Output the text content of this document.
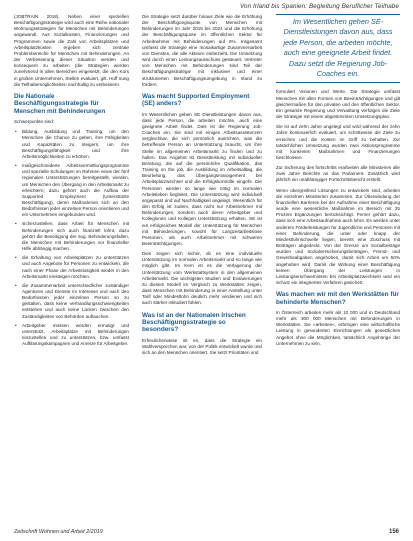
Von Irland bis Spanien: Begleitung Beruflicher Teilhabe

(JOBTRAIN 2018). Neben einer speziellen Beschäftigungsstrategie wird auch eine Reihe nationaler Wohnungsstrategien für Menschen mit Behinderungen angewandt. Aus Sozialkosten, Finanzierungen und Programmen sowie die Zahl von Arbeitsplätzen und Arbeitsplatzkosten ergeben sich zentrale Problembereiche für Menschen mit Behinderungen. An der Verbesserung dieser Situation werden und konsequent zu arbeiten (die Strategien werden zunehmend in allen Bereichen eingesetzt, die den Kurs in großen Unternehmen, Stellen evaluiert, gilt. Hoff nung die Teilhabemöglichkeiten nachhaltig zu verbessern.

Die Nationale Beschäftigungsstrategie für Menschen mit Behinderungen

Schwerpunkte sind:

• Bildung, Ausbildung und Training, um den Menschen die Chance zu geben, ihre Fähigkeiten und Kapazitäten zu steigern, um ihre Beschäftigungsfähigkeit und ihre Arbeitsmöglichkeiten zu erhöhen.
• maßgeschneiderte Arbeitsvermittlungsprogramme und spezielle Schulungen im Rahmen eines der fünf regionalen Unterstützungen bereitgestellt, werden, um Menschen den Übergang in den Arbeitsmarkt zu erleichtern; dazu gehört auch die Aufbau der Supported Employment (Unterstützte Beschäftigung), deren Maßnahmen sich an den Bedürfnissen jeder einzelnen Person orientieren und ein Unternehmen eingebunden wird.
• sicherzustellen, dass Arbeit für Menschen mit Behinderungen sich auch finanziell lohnt, dazu gehört die Beseitigung der sog. Behinderungsfallen, die Menschen mit Behinderungen vor finanzieller Hilfe abhängig machen.
• die Erhaltung von Arbeitsplätzen zu unterstützen und auch Angebote für Personen zu entwickeln, die nach einer Phase der Arbeitslosigkeit wieder in den Arbeitsmarkt einsteigen möchten.
• die Zusammenarbeit unterschiedlicher zuständiger Agenturen und Dienste im Interesse und nach den Bedürfnissen jeder einzelnen Person so zu gestalten, dass keine Verhandlungsschwierigkeiten entstehen und auch keine Lücken zwischen den Zuständigkeiten von Behörden auftauchen.
• Arbeitgeber müssen werden ermutigt und unterstützt, Arbeitsplätze mit Behinderungen einzustellen und zu unterstützen, bzw. umfasst Aufklärungskampagnen und Anreize für Arbeitgeber.

Die Strategie setzt darüber hinaus Ziele wie die Erhöhung der Beschäftigungsquote von Menschen mit Behinderungen im Jahr 2015 bis 2024 und die Erhöhung der Beschäftigungsquote im öffentlichen Sektor für Arbeitnehmer mit Behinderungen auf 6%. Insgesamt umfasst die Strategie eine mosaikartige Zusammenarbeit von Diensten, die alle Akteure einbezieht. Die Umsetzung wird durch einen Lenkungsausschuss gesteuert, Vertreter von Menschen mit Behinderungen sind Teil der Beschäftigungsstrategie mit inklusiver und einer strukturierten Beschäftigungsumgebung in Irland zu fördern.

Was macht Supported Employment (SE) anders?

Im Wesentlichen geben SE Dienstleistungen davon aus, dass jede Person, die arbeiten möchte, auch eine geeignete Arbeit findet. Dies ist die Regierung Job-Coaches ein. Sie sind mit einigen Arbeitsassistenzen vergleichbar, die sich persönlich ausrichten, was die betreffende Person an Unterstützung braucht, um ihre Stelle im allgemeinen Arbeitsmarkt zu finden und zu halten. Das Angebot ist Dienstleistung mit individueller Beratung, die auf die persönliche Qualifikation, das Training on the job, die Ausbildung im Arbeitsalltag, die Beurteilung, das Übergangsmanagement bei Arbeitsplatzwechsel und die Erfolgskontrolle eingeht. Die Personen werden so lange wie nötig im normalen Arbeitsleben begleitet. Die Unterstützung wird individuell angepasst und auf Nachhaltigkeit angelegt. Wesentlich für den Erfolg ist zudem, dass nicht nur Arbeitnehmer mit Behinderungen, sondern auch deren Arbeitgeber und Kolleginnen und Kollegen Unterstützung erhalten. SE ist ein erfolgreiches Modell der Unterstützung für Menschen mit Behinderungen, sowohl für Langzeitarbeitslose Personen, als auch Arbeitnehmer mit schweren Beeinträchtigungen.

Dies zeigen sich sicher, ob es eine individuelle Unterstützung im normalen Arbeitsmarkt und so lange wie möglich gibt. Im Kern ist es die Verlagerung der Unterstützung vom Werkstattsystem in den allgemeinen Arbeitsmarkt. Die wichtigsten Studien und Evaluierungen zu diesem Modell im Vergleich zu Werkstätten zeigen, dass Menschen mit Behinderung in einer Anstellung unter Tarif oder Mindestlohn deutlich mehr verdienen und sich auch stärker inkludiert fühlen.

Was ist an der Nationalen Irischen Beschäftigungsstrategie so besonders?

Erfreulicherweise ist es, dass die Strategie ein Wahlversprechen war, von der Politik entwickelt wurde und sich an den Menschen orientiert. Sie setzt Prioritäten und

Im Wesentlichen gehen SE-Dienstleistungen davon aus, dass jede Person, die arbeiten möchte, auch eine geeignete Arbeit findet. Dazu setzt die Regierung Job-Coaches ein.

formuliert Visionen und Werte. Die Strategie umfasst Menschen mit allen Formen von Beeinträchtigungen und gilt gleichermaßen für den privaten und den öffentlichen Sektor. Ein gesamte Regierung und Verwaltung verfolgen die Ziele der Strategie mit einem abgestimmten Umsetzungsplan.

Sie ist auf zehn Jahre angelegt und wird während der zehn Jahre kontinuierlich evaluiert, um schrittweise die Ziele zu erreichen und die Kosten im Griff zu behalten. Zur tatsächlichen Umsetzung wurden zwei Aktionsprogramme mit konkreten Maßnahmen und Finanzierungen beschlossen.

Zur Sicherung des fortschritts erarbeiten alle Ministerien alle zwei Jahre Berichte an das Parlament. Zusätzlich wird jährlich ein unabhängiger Fortschrittsbericht erstellt.

Wenn übergreifend Lösungen zu entwickeln sind, arbeiten die einzelnen Ministerien zusammen. Zur Überwindung der finanziellen Barrieren bei der Aufnahme einer Beschäftigung wurde eine wesentliche Maßnahme im Bereich mit 25 Prozent Ergänzungen berücksichtigt. Ferner gehört dazu, dass sich eine Arbeitsaufnahme auch lohnt. Es werden unter anderem Förderleistungen für Jugendliche und Personen mit einer Behinderung, die unter oder knapp der Mindestlohnschwelle liegen, bereits eine Zuschuss mit Beiträgen abgedeckt. Von der Grenze um Sozialbeiträge wurden und Sozialversicherungsbeiträgen, Fremd- und Gewerbeabgaben angehoben, damit sich Arbeit um 50% angehoben wird. Damit die Wirkung einer Beschäftigung keinen Übergang der Leistungen in Leistungserschwernissen bei Arbeitsplatzwechseln wird ein Schutz ein integriertes Verfahren gesichert.

Was machen wir mit den Werkstätten für behinderte Menschen?

In Österreich arbeiten mehr als 10 000 und in Deutschland mehr als 300 000 Menschen mit Behinderungen in Werkstätten. Sie »arbeiten«, erbringen eine wirtschaftliche Leistung in gesonderten Einrichtungen als gesetzliches Angebot ohne die Möglichkeit, tatsächlich Angehörige der Unternehmen zu sein.

Zeitschrift Wohnen und Arbeit 2/2019	156
